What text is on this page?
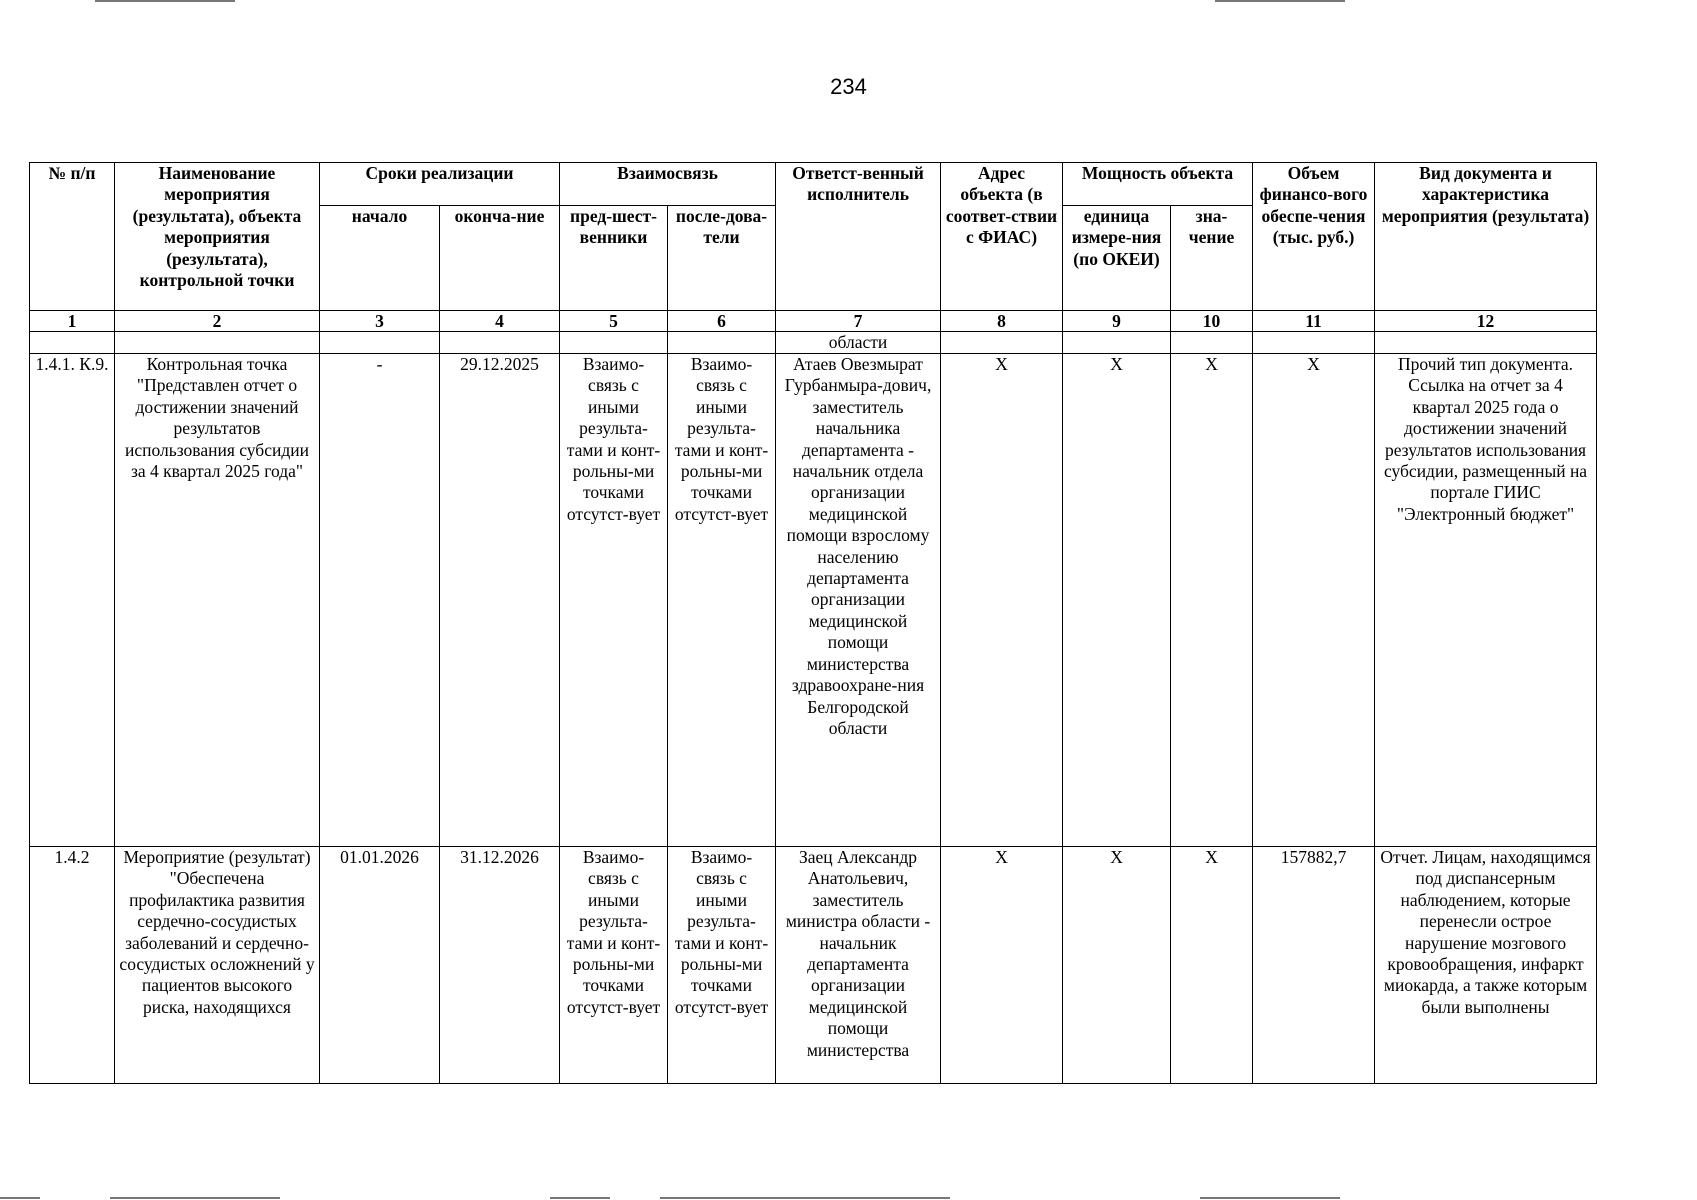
234
№ п/п	Наименование мероприятия (результата), объекта мероприятия (результата), контрольной точки	Сроки реализации		Взаимосвязь		Ответст-венный исполнитель	Адрес объекта (в соответ-ствии с ФИАС)	Мощность объекта		Объем финансо-вого обеспе-чения (тыс. руб.)	Вид документа и характеристика мероприятия (результата)
		начало	оконча-ние	пред-шест-венники	после-дова-тели			единица измере-ния (по ОКЕИ)	зна-чение		
1	2	3	4	5	6	7	8	9	10	11	12
						области					
1.4.1. К.9.	Контрольная точка "Представлен отчет о достижении значений результатов использования субсидии за 4 квартал 2025 года"	-	29.12.2025	Взаимо-связь с иными результа-тами и конт-рольны-ми точками отсутст-вует	Взаимо-связь с иными результа-тами и конт-рольны-ми точками отсутст-вует	Атаев Овезмырат Гурбанмыра-дович, заместитель начальника департамента - начальник отдела организации медицинской помощи взрослому населению департамента организации медицинской помощи министерства здравоохране-ния Белгородской области	X	X	X	X	Прочий тип документа. Ссылка на отчет за 4 квартал 2025 года о достижении значений результатов использования субсидии, размещенный на портале ГИИС "Электронный бюджет"
1.4.2	Мероприятие (результат) "Обеспечена профилактика развития сердечно-сосудистых заболеваний и сердечно-сосудистых осложнений у пациентов высокого риска, находящихся	01.01.2026	31.12.2026	Взаимо-связь с иными результа-тами и конт-рольны-ми точками отсутст-вует	Взаимо-связь с иными результа-тами и конт-рольны-ми точками отсутст-вует	Заец Александр Анатольевич, заместитель министра области - начальник департамента организации медицинской помощи министерства	X	X	X	157882,7	Отчет. Лицам, находящимся под диспансерным наблюдением, которые перенесли острое нарушение мозгового кровообращения, инфаркт миокарда, а также которым были выполнены
